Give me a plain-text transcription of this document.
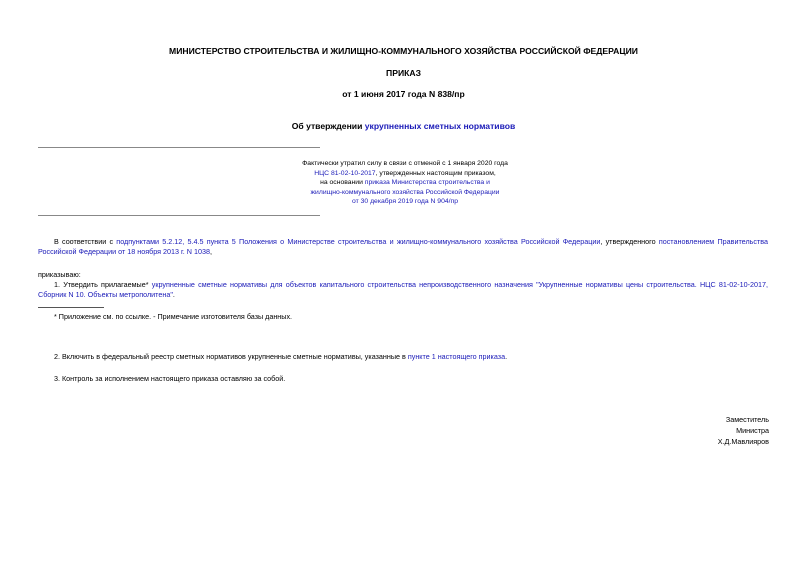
МИНИСТЕРСТВО СТРОИТЕЛЬСТВА И ЖИЛИЩНО-КОММУНАЛЬНОГО ХОЗЯЙСТВА РОССИЙСКОЙ ФЕДЕРАЦИИ
ПРИКАЗ
от 1 июня 2017 года N 838/пр
Об утверждении укрупненных сметных нормативов
Фактически утратил силу в связи с отменой с 1 января 2020 года
НЦС 81-02-10-2017, утвержденных настоящим приказом,
на основании приказа Министерства строительства и
жилищно-коммунального хозяйства Российской Федерации
от 30 декабря 2019 года N 904/пр
В соответствии с подпунктами 5.2.12, 5.4.5 пункта 5 Положения о Министерстве строительства и жилищно-коммунального хозяйства Российской Федерации, утвержденного постановлением Правительства Российской Федерации от 18 ноября 2013 г. N 1038,
приказываю:
1. Утвердить прилагаемые* укрупненные сметные нормативы для объектов капитального строительства непроизводственного назначения "Укрупненные нормативы цены строительства. НЦС 81-02-10-2017, Сборник N 10. Объекты метрополитена".
* Приложение см. по ссылке. - Примечание изготовителя базы данных.
2. Включить в федеральный реестр сметных нормативов укрупненные сметные нормативы, указанные в пункте 1 настоящего приказа.
3. Контроль за исполнением настоящего приказа оставляю за собой.
Заместитель
Министра
Х.Д.Мавлияров
